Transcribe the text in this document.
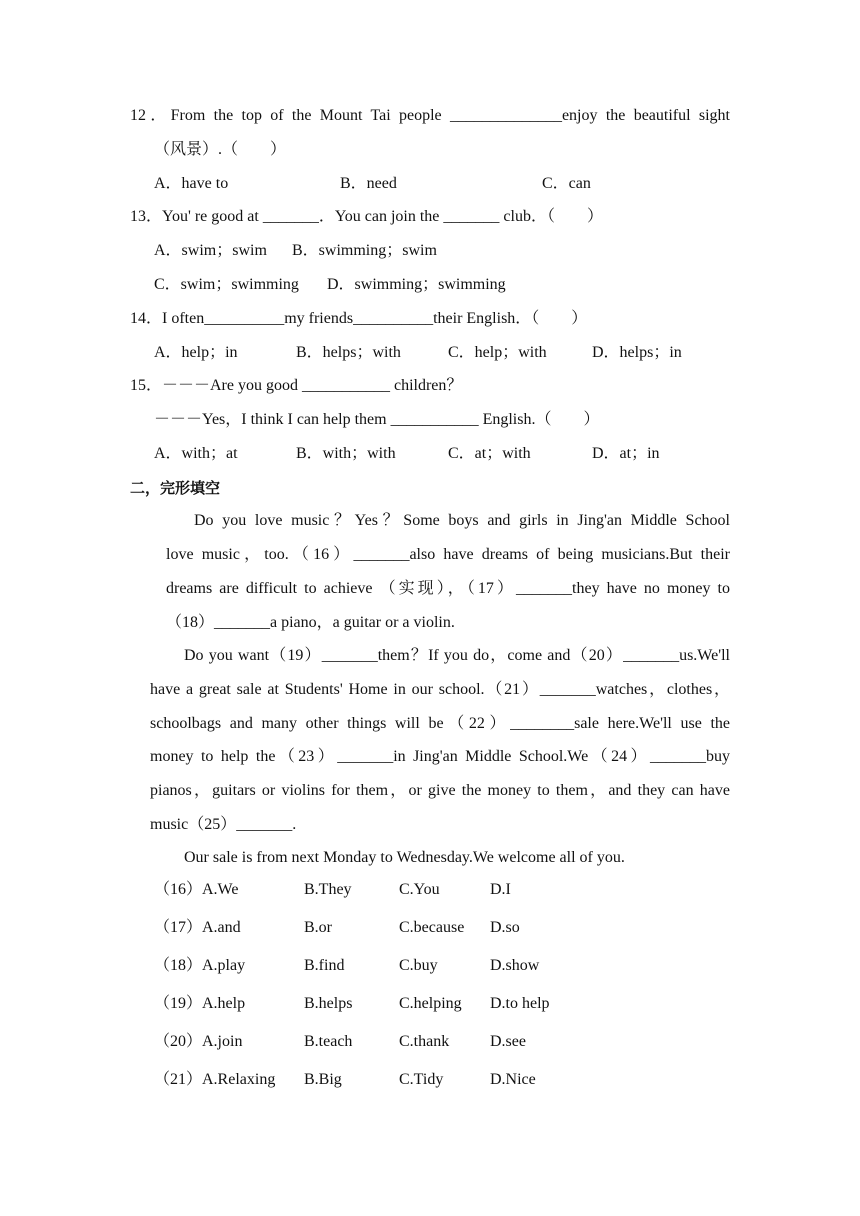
12．From the top of the Mount Tai people ______________enjoy the beautiful sight
（风景）.（　　）
A．have to	B．need	C．can
13．You' re good at _______．You can join the _______ club．（　　）
A．swim；swim B．swimming；swim
C．swim；swimming D．swimming；swimming
14．I often__________my friends__________their English．（　　）
A．help；in	B．helps；with	C．help；with	D．helps；in
15．－－－Are you good ___________ children？
－－－Yes，I think I can help them ___________ English.（　　）
A．with；at	B．with；with	C．at；with	D．at；in
二，完形填空
Do you love music？Yes？Some boys and girls in Jing'an Middle School
love music，too.（16）_______also have dreams of being musicians.But their
dreams are difficult to achieve （实现），（17）_______they have no money to
（18）_______a piano，a guitar or a violin.
Do you want（19）_______them？If you do，come and（20）_______us.We'll
have a great sale at Students' Home in our school.（21）_______watches，clothes，
schoolbags and many other things will be（22）________sale here.We'll use the
money to help the（23）_______in Jing'an Middle School.We（24）_______buy
pianos，guitars or violins for them，or give the money to them，and they can have
music（25）_______.
Our sale is from next Monday to Wednesday.We welcome all of you.
（16）A.We	B.They	C.You	D.I
（17）A.and	B.or	C.because D.so
（18）A.play	B.find	C.buy	D.show
（19）A.help	B.helps	C.helping D.to help
（20）A.join	B.teach	C.thank	D.see
（21）A.Relaxing B.Big	C.Tidy	D.Nice
